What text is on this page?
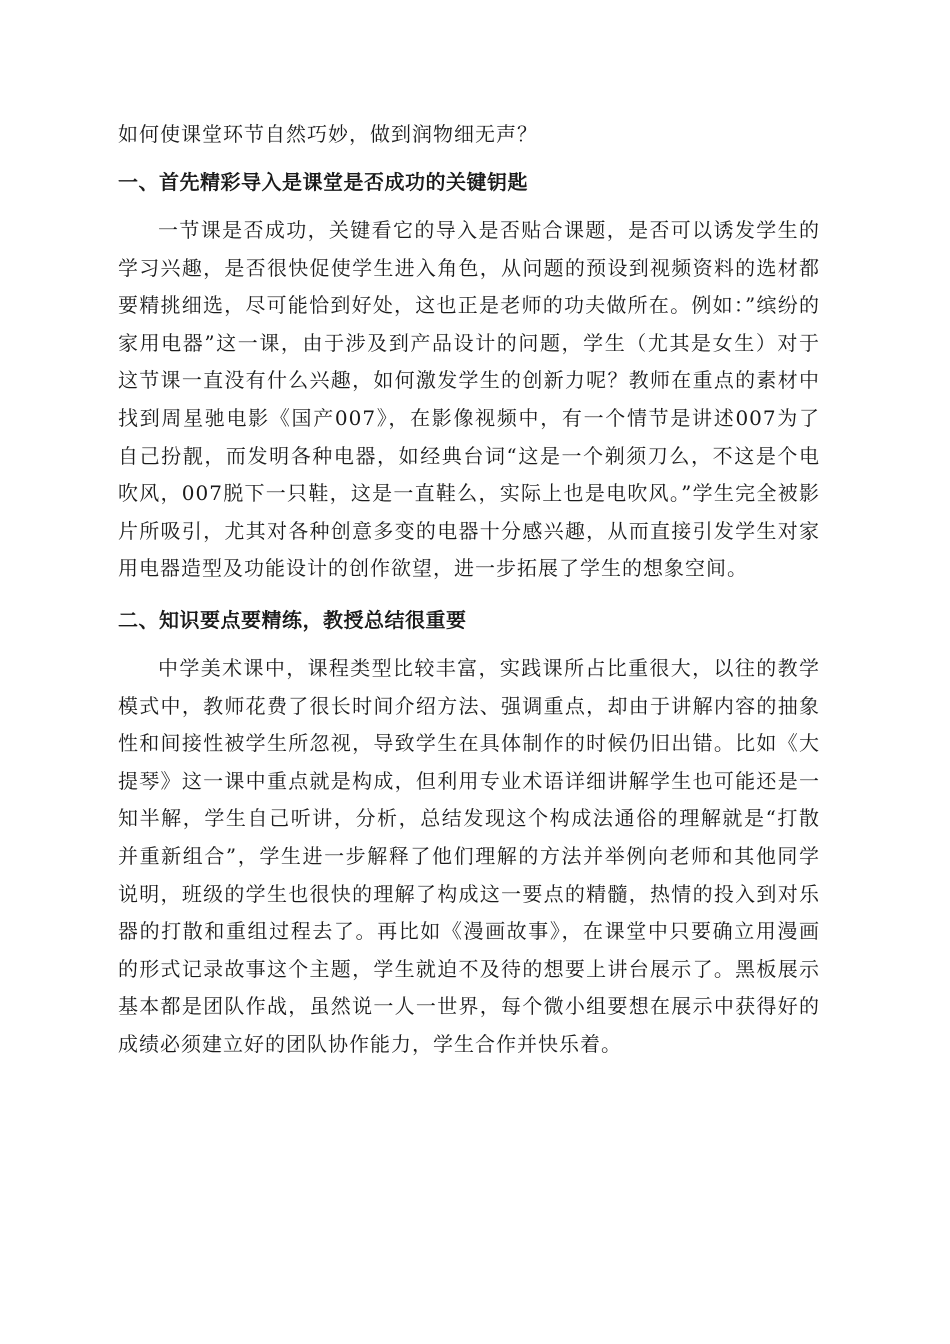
如何使课堂环节自然巧妙，做到润物细无声？

一、首先精彩导入是课堂是否成功的关键钥匙

一节课是否成功，关键看它的导入是否贴合课题，是否可以诱发学生的学习兴趣，是否很快促使学生进入角色，从问题的预设到视频资料的选材都要精挑细选，尽可能恰到好处，这也正是老师的功夫做所在。例如：”缤纷的家用电器”这一课，由于涉及到产品设计的问题，学生（尤其是女生）对于这节课一直没有什么兴趣，如何激发学生的创新力呢？教师在重点的素材中找到周星驰电影《国产007》，在影像视频中，有一个情节是讲述007为了自己扮靓，而发明各种电器，如经典台词“这是一个剃须刀么，不这是个电吹风，007脱下一只鞋，这是一直鞋么，实际上也是电吹风。”学生完全被影片所吸引，尤其对各种创意多变的电器十分感兴趣，从而直接引发学生对家用电器造型及功能设计的创作欲望，进一步拓展了学生的想象空间。

二、知识要点要精练，教授总结很重要

中学美术课中，课程类型比较丰富，实践课所占比重很大，以往的教学模式中，教师花费了很长时间介绍方法、强调重点，却由于讲解内容的抽象性和间接性被学生所忽视，导致学生在具体制作的时候仍旧出错。比如《大提琴》这一课中重点就是构成，但利用专业术语详细讲解学生也可能还是一知半解，学生自己听讲，分析，总结发现这个构成法通俗的理解就是“打散并重新组合”，学生进一步解释了他们理解的方法并举例向老师和其他同学说明，班级的学生也很快的理解了构成这一要点的精髓，热情的投入到对乐器的打散和重组过程去了。再比如《漫画故事》，在课堂中只要确立用漫画的形式记录故事这个主题，学生就迫不及待的想要上讲台展示了。黑板展示基本都是团队作战，虽然说一人一世界，每个微小组要想在展示中获得好的成绩必须建立好的团队协作能力，学生合作并快乐着。
